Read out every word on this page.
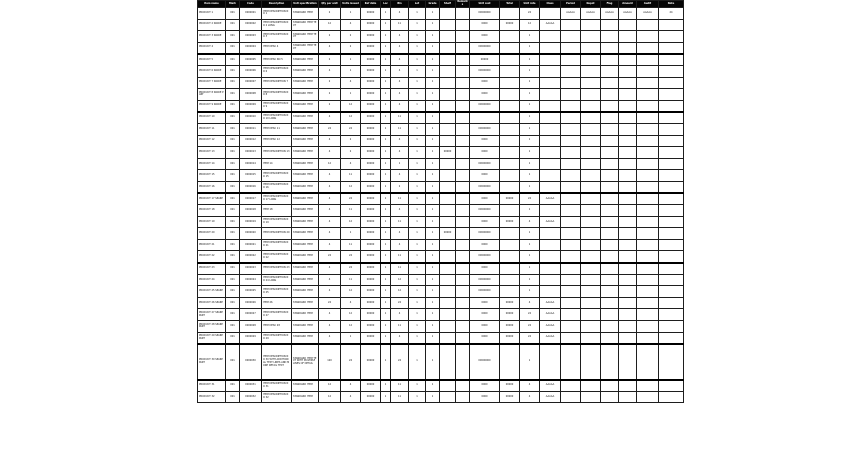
Item name	Mark	Code	Description	Unit specification	Qty per unit	Units issued	Ref date	Loc	Bin	Lot	Grade	Shelf	Remarks	Unit cost	Total	Unit rate	Class	Period	Depot	Flag	Amount	Audit	Note
PRODUCT 1	001	0000001	ITEM DESCRIPTION NO 1	STANDARD ITEM	2	1	00000	1	4	1	1			00000000		24		AAAAA	AAAAA	AAAAA	AAAAA	AAAAA	24
PRODUCT 2 SPARE	001	0000002	ITEM DESCRIPTION NO 2 LONG	STANDARD ITEM TEXT	12	4	00000	1	11	1	1			0000	00000	12	AAAAA						
PRODUCT 3 SPARE	001	0000003	ITEM DESCRIPTION NO 3	STANDARD ITEM TEXT	2	2	00000	1	4	1	1			0000		1							
PRODUCT 4	001	0000004	ITEM DESC 4	STANDARD ITEM TEXT	4	2	00000	1	4	1	1			00000000		1							
PRODUCT 5	001	0000005	ITEM DESC NO 5	STANDARD ITEM	2	1	00000	1	4	1	1			00000		1							
PRODUCT 6 SPARE	001	0000006	ITEM DESCRIPTION NO 6	STANDARD ITEM	4	1	00000	1	4	1	1			00000000		1							
PRODUCT 7 SPARE	001	0000007	ITEM DESCRIPTION 7	STANDARD ITEM	2	4	00000	1	4	1	1			0000		1							
PRODUCT 8 SPARE PART	001	0000008	ITEM DESCRIPTION NO 8	STANDARD ITEM	2	1	00000	1	4	1	1			0000		1							
PRODUCT 9 SPARE	001	0000009	ITEM DESCRIPTION NO 9	STANDARD ITEM	2	12	00000	1	4	1	1			00000000		1							
PRODUCT 10	001	0000010	ITEM DESCRIPTION NO 10 LONG	STANDARD ITEM	4	12	00000	1	11	1	1					1							
PRODUCT 11	001	0000011	ITEM DESC 11	STANDARD ITEM	24	24	00000	1	11	1	1			00000000		1							
PRODUCT 12	001	0000012	ITEM DESC 12	STANDARD ITEM	4	2	00000	1	4	1	1			0000		1							
PRODUCT 13	001	0000013	ITEM DESCRIPTION 13	STANDARD ITEM	4	2	00000	1	4	1	1	00000		0000		1							
PRODUCT 14	001	0000014	ITEM 14	STANDARD ITEM	12	4	00000	1	1	1	1			00000000		1							
PRODUCT 15	001	0000015	ITEM DESCRIPTION NO 15	STANDARD ITEM	4	11	00000	1	4	1	1			0000		1							
PRODUCT 16	001	0000016	ITEM DESCRIPTION NO 16	STANDARD ITEM	4	12	00000	1	2	1	1			00000000		1							
PRODUCT 17 SPARE	001	0000017	ITEM DESCRIPTION NO 17 LONG	STANDARD ITEM	4	24	00000	1	11	1	1			0000	00000	24	AAAAA						
PRODUCT 18	001	0000018	ITEM 18	STANDARD ITEM	4	11	00000	1	4	1	1			00000000		1							
PRODUCT 19	001	0000019	ITEM DESCRIPTION NO 19	STANDARD ITEM	4	12	00000	1	11	1	1			0000	00000	4	AAAAA						
PRODUCT 20	001	0000020	ITEM DESCRIPTION 20	STANDARD ITEM	4	1	00000	1	4	1	1	00000		00000000		1							
PRODUCT 21	001	0000021	ITEM DESCRIPTION NO 21	STANDARD ITEM	4	11	00000	1	4	1	1			0000		1							
PRODUCT 22	001	0000022	ITEM DESCRIPTION NO 22	STANDARD ITEM	24	24	00000	1	11	1	1			00000000		1							
PRODUCT 23	001	0000023	ITEM DESCRIPTION 23	STANDARD ITEM	4	24	00000	1	11	1	1			0000		1							
PRODUCT 24	001	0000024	ITEM DESCRIPTION NO 24 LONG	STANDARD ITEM	4	11	00000	1	12	1	1			00000000		1							
PRODUCT 25 SPARE	001	0000025	ITEM DESCRIPTION NO 25	STANDARD ITEM	4	12	00000	1	12	1	1			00000000		1							
PRODUCT 26 SPARE	001	0000026	ITEM 26	STANDARD ITEM	24	4	00000	1	24	1	1			0000	00000	4	AAAAA						
PRODUCT 27 SPARE PART	001	0000027	ITEM DESCRIPTION NO 27	STANDARD ITEM	4	12	00000	1	4	1	1			0000	00000	24	AAAAA						
PRODUCT 28 SPARE PART	001	0000028	ITEM DESC 28	STANDARD ITEM	4	12	00000	1	11	1	1			0000	00000	24	AAAAA						
PRODUCT 29 SPARE PART	001	0000029	ITEM DESCRIPTION NO 29	STANDARD ITEM	4	1	00000	1	4	1	1			0000	00000	24	AAAAA						
PRODUCT 30 SPARE PART	001	0000030	ITEM DESCRIPTION NO 30 WITH ADDITIONAL TEXT LINES AND MORE DETAIL TEXT	STANDARD ITEM TEXT WITH MULTIPLE LINES OF DETAIL	120	24	00000	1	24	1	1			00000000		1							
PRODUCT 31	001	0000031	ITEM DESCRIPTION NO 31	STANDARD ITEM	12	4	00000	1	11	1	1			0000	00000	4	AAAAA						
PRODUCT 32	001	0000032	ITEM DESCRIPTION NO 32	STANDARD ITEM	12	4	00000	1	11	1	1			0000	00000	4	AAAAA						
